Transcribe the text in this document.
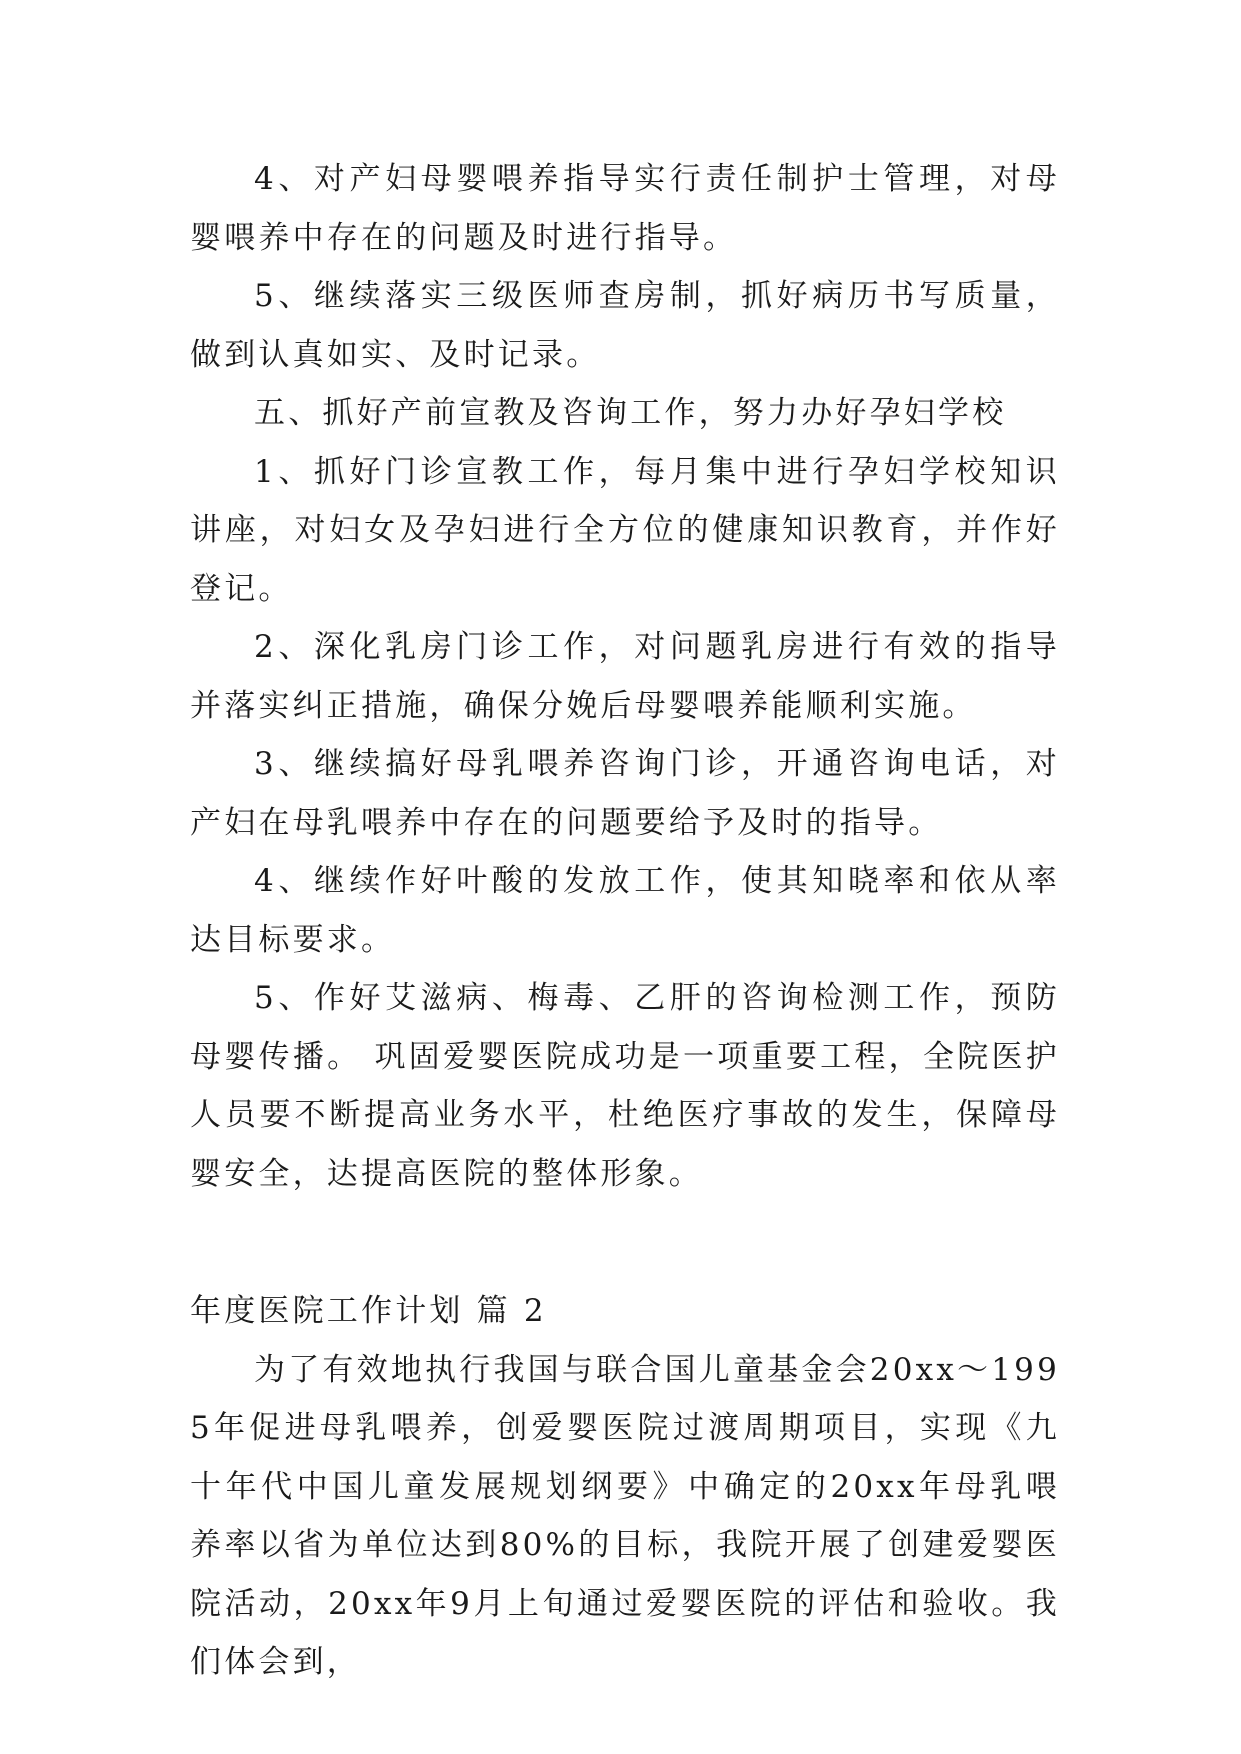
4、对产妇母婴喂养指导实行责任制护士管理，对母婴喂养中存在的问题及时进行指导。

5、继续落实三级医师查房制，抓好病历书写质量，做到认真如实、及时记录。

五、抓好产前宣教及咨询工作，努力办好孕妇学校

1、抓好门诊宣教工作，每月集中进行孕妇学校知识讲座，对妇女及孕妇进行全方位的健康知识教育，并作好登记。

2、深化乳房门诊工作，对问题乳房进行有效的指导并落实纠正措施，确保分娩后母婴喂养能顺利实施。

3、继续搞好母乳喂养咨询门诊，开通咨询电话，对产妇在母乳喂养中存在的问题要给予及时的指导。

4、继续作好叶酸的发放工作，使其知晓率和依从率达目标要求。

5、作好艾滋病、梅毒、乙肝的咨询检测工作，预防母婴传播。 巩固爱婴医院成功是一项重要工程，全院医护人员要不断提高业务水平，杜绝医疗事故的发生，保障母婴安全，达提高医院的整体形象。

年度医院工作计划 篇 2

为了有效地执行我国与联合国儿童基金会20xx～1995年促进母乳喂养，创爱婴医院过渡周期项目，实现《九十年代中国儿童发展规划纲要》中确定的20xx年母乳喂养率以省为单位达到80%的目标，我院开展了创建爱婴医院活动，20xx年9月上旬通过爱婴医院的评估和验收。我们体会到，
